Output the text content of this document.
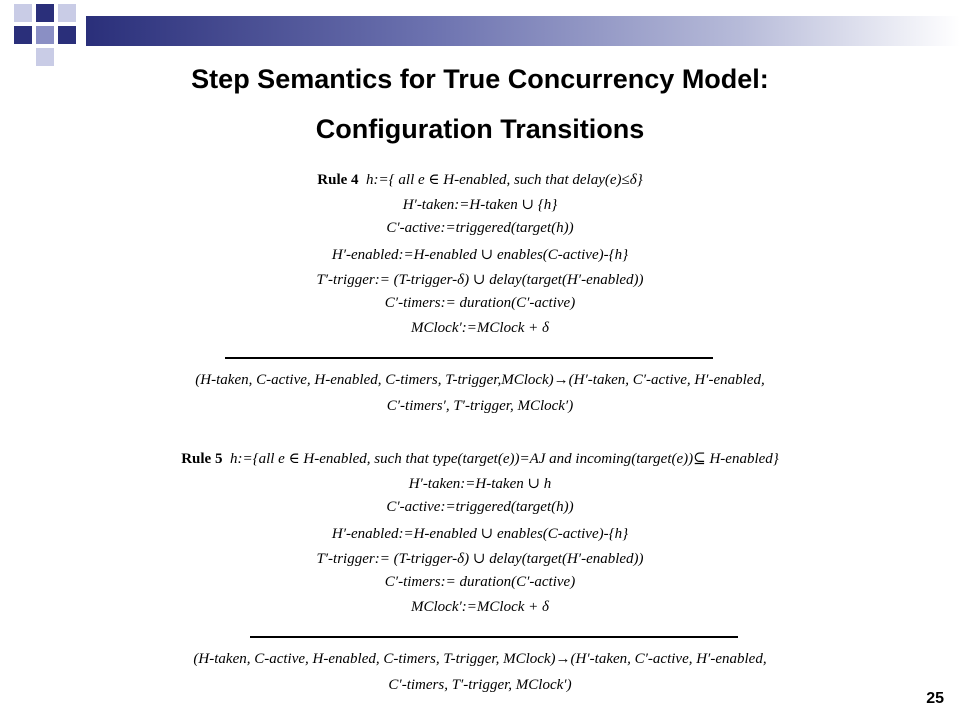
Step Semantics for True Concurrency Model:
Configuration Transitions
Rule 4 h:={ all e ∈ H-enabled, such that delay(e)≤δ}
H′-taken:=H-taken ∪ {h}
C′-active:=triggered(target(h))
H′-enabled:=H-enabled ∪ enables(C-active)-{h}
T′-trigger:= (T-trigger-δ) ∪ delay(target(H′-enabled))
C′-timers:= duration(C′-active)
MClock′:=MClock + δ
(H-taken, C-active, H-enabled, C-timers, T-trigger,MClock)→(H′-taken, C′-active, H′-enabled,
C′-timers′, T′-trigger, MClock′)
Rule 5 h:={all e ∈ H-enabled, such that type(target(e))=AJ and incoming(target(e))⊆ H-enabled}
H′-taken:=H-taken ∪ h
C′-active:=triggered(target(h))
H′-enabled:=H-enabled ∪ enables(C-active)-{h}
T′-trigger:= (T-trigger-δ) ∪ delay(target(H′-enabled))
C′-timers:= duration(C′-active)
MClock′:=MClock + δ
(H-taken, C-active, H-enabled, C-timers, T-trigger, MClock)→(H′-taken, C′-active, H′-enabled,
C′-timers, T′-trigger, MClock′)
25
